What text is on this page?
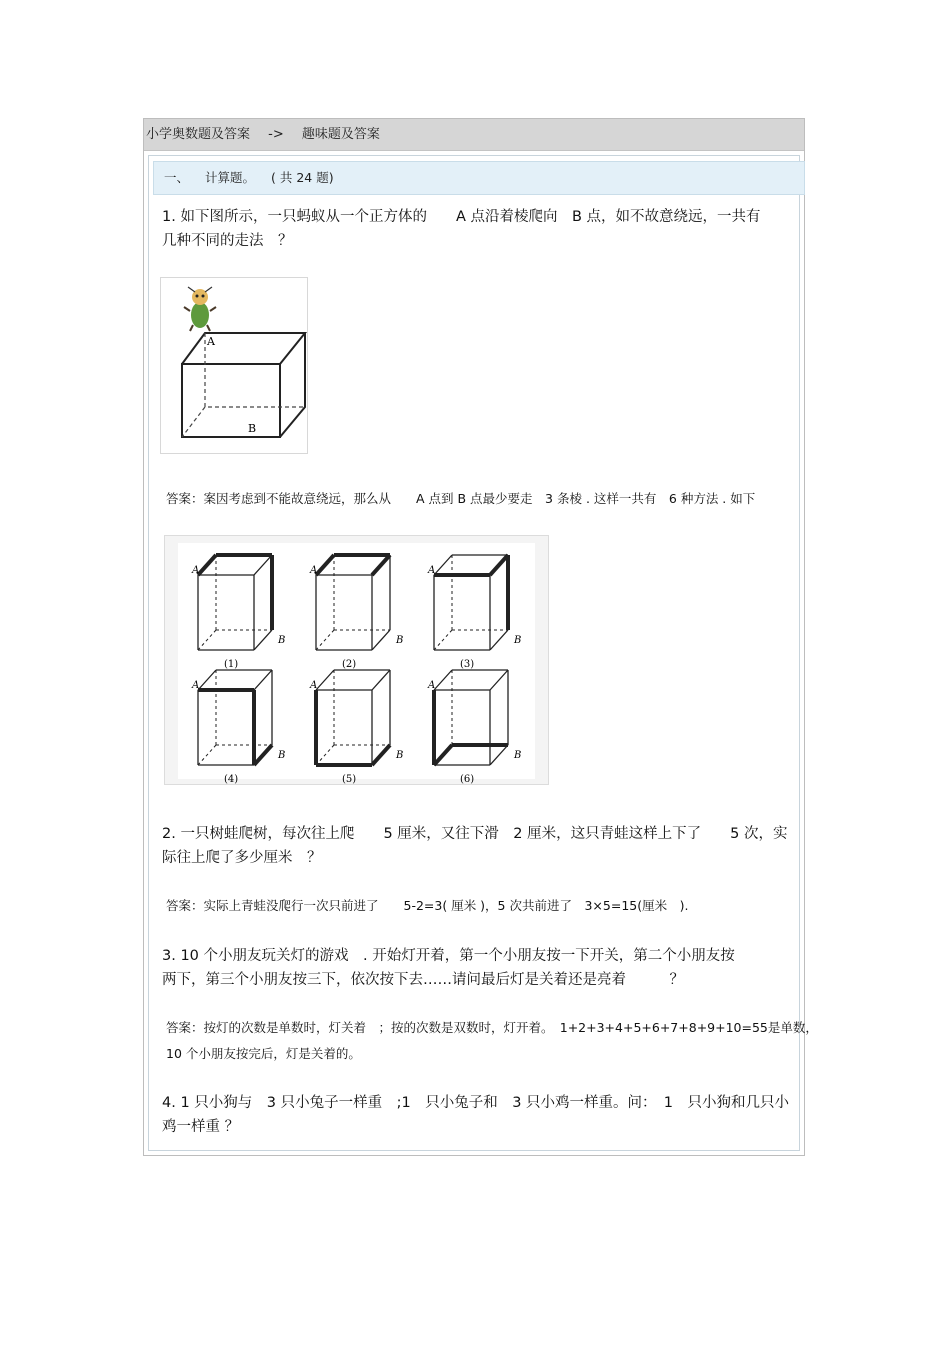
小学奥数题及答案 -> 趣味题及答案
一、 计算题。 ( 共 24 题)
1. 如下图所示，一只蚂蚁从一个正方体的　　A 点沿着棱爬向　B 点，如不故意绕远，一共有
几种不同的走法　？
A
B
答案：案因考虑到不能故意绕远，那么从　　A 点到 B 点最少要走　3 条棱 . 这样一共有　6 种方法 . 如下
A
B
(1)
A
B
(2)
A
B
(3)
A
B
(4)
A
B
(5)
A
B
(6)
2. 一只树蛙爬树，每次往上爬　　5 厘米，又往下滑　2 厘米，这只青蛙这样上下了　　5 次，实
际往上爬了多少厘米　？
答案：实际上青蛙没爬行一次只前进了　　5-2=3( 厘米 )，5 次共前进了　3×5=15(厘米　).
3. 10 个小朋友玩关灯的游戏　. 开始灯开着，第一个小朋友按一下开关，第二个小朋友按
两下，第三个小朋友按三下，依次按下去……请问最后灯是关着还是亮着　　　？
答案：按灯的次数是单数时，灯关着　；按的次数是双数时，灯开着。　1+2+3+4+5+6+7+8+9+10=55是单数，
10 个小朋友按完后，灯是关着的。
4. 1 只小狗与　3 只小兔子一样重　;1　只小兔子和　3 只小鸡一样重。问：　1　只小狗和几只小
鸡一样重 ？
